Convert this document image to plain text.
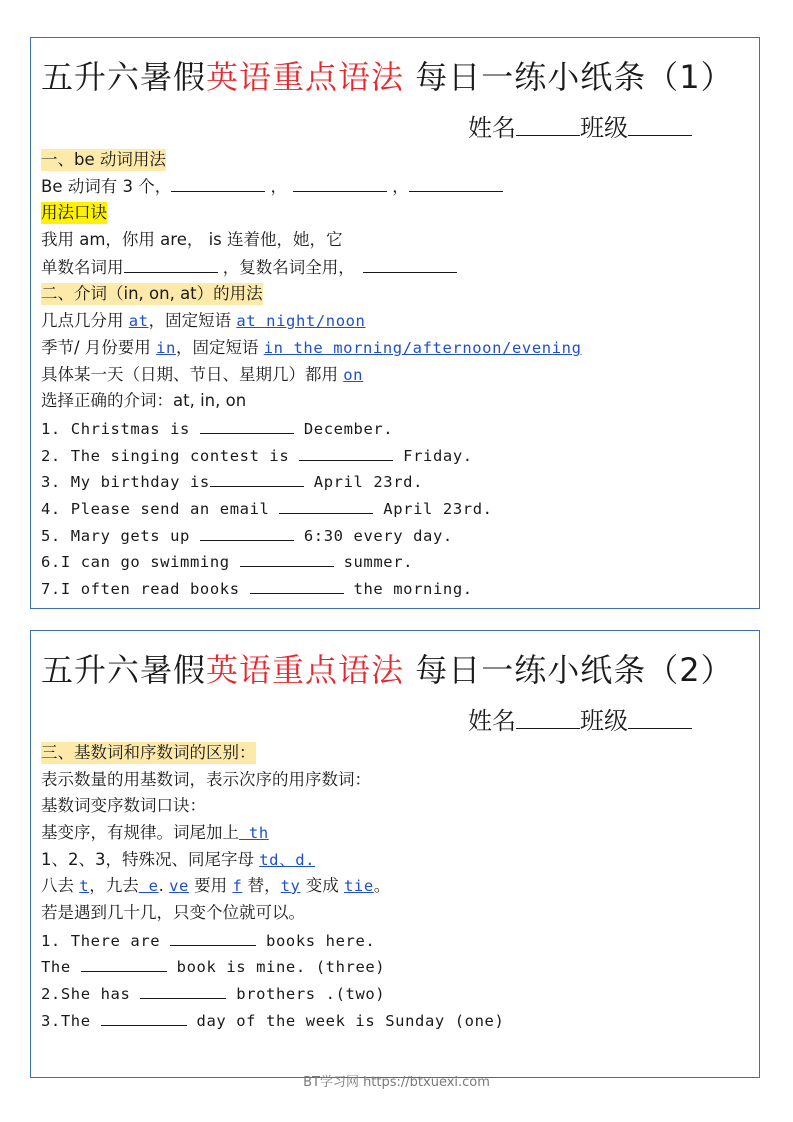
五升六暑假英语重点语法 每日一练小纸条（1）
姓名	班级
一、be 动词用法
Be 动词有 3 个，	，	，
用法口诀
我用 am，你用 are， is 连着他，她，它
单数名词用	，复数名词全用，
二、介词（in, on, at）的用法
几点几分用 at，固定短语 at night/noon
季节/ 月份要用 in，固定短语 in the morning/afternoon/evening
具体某一天（日期、节日、星期几）都用 on
选择正确的介词：at, in, on
1. Christmas is	December.
2. The singing contest is	Friday.
3. My birthday is	April 23rd.
4. Please send an email	April 23rd.
5. Mary gets up	6:30 every day.
6.I can go swimming	summer.
7.I often read books	the morning.
五升六暑假英语重点语法 每日一练小纸条（2）
姓名	班级
三、基数词和序数词的区别：
表示数量的用基数词，表示次序的用序数词：
基数词变序数词口诀：
基变序，有规律。词尾加上 th
1、2、3，特殊况、同尾字母 td、d.
八去 t，九去 e. ve 要用 f 替，ty 变成 tie。
若是遇到几十几，只变个位就可以。
1. There are	books here.
The	book is mine. (three)
2.She has	brothers .(two)
3.The	day of the week is Sunday (one)
BT学习网 https://btxuexi.com
